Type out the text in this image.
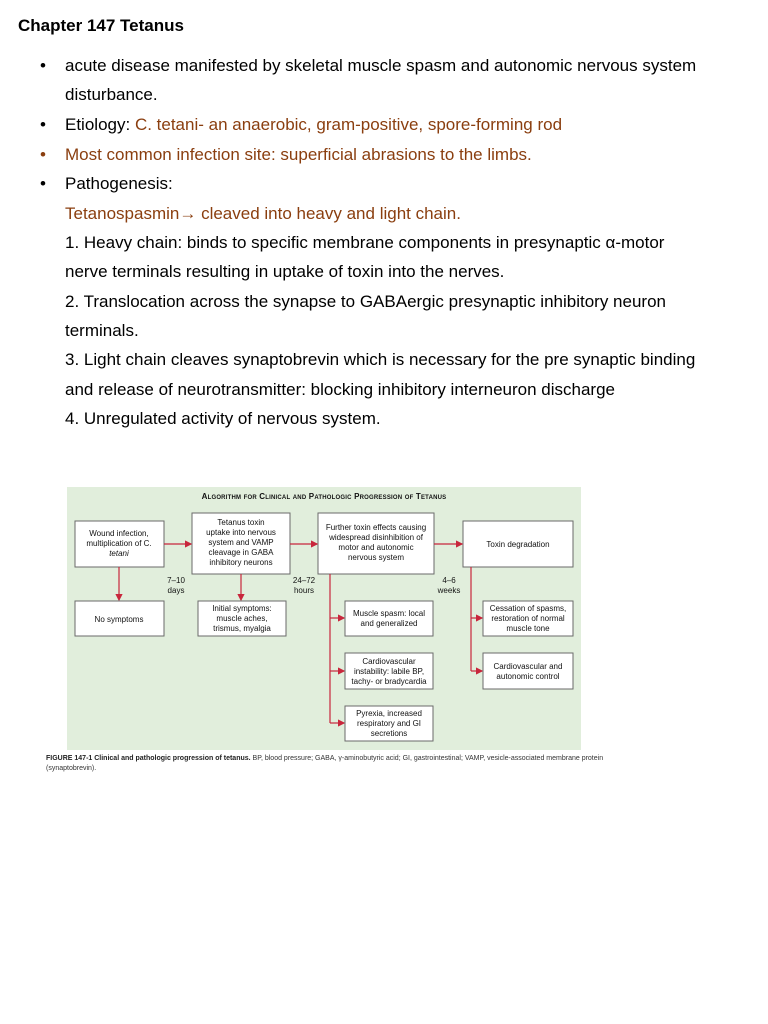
Chapter 147 Tetanus
• acute disease manifested by skeletal muscle spasm and autonomic nervous system
disturbance.
• Etiology: C. tetani- an anaerobic, gram-positive, spore-forming rod
• Most common infection site: superficial abrasions to the limbs.
• Pathogenesis:
Tetanospasmin→ cleaved into heavy and light chain.
1. Heavy chain: binds to specific membrane components in presynaptic α-motor
nerve terminals resulting in uptake of toxin into the nerves.
2. Translocation across the synapse to GABAergic presynaptic inhibitory neuron
terminals.
3. Light chain cleaves synaptobrevin which is necessary for the pre synaptic binding
and release of neurotransmitter: blocking inhibitory interneuron discharge
4. Unregulated activity of nervous system.
Algorithm for Clinical and Pathologic Progression of Tetanus
Wound infection,
multiplication of C.
tetani
Tetanus toxin
uptake into nervous
system and VAMP
cleavage in GABA
inhibitory neurons
Further toxin effects causing
widespread disinhibition of
motor and autonomic
nervous system
Toxin degradation
7–10
days
24–72
hours
4–6
weeks
No symptoms
Initial symptoms:
muscle aches,
trismus, myalgia
Muscle spasm: local
and generalized
Cardiovascular
instability: labile BP,
tachy- or bradycardia
Pyrexia, increased
respiratory and GI
secretions
Cessation of spasms,
restoration of normal
muscle tone
Cardiovascular and
autonomic control
FIGURE 147-1 Clinical and pathologic progression of tetanus. BP, blood pressure; GABA, γ-aminobutyric acid; GI, gastrointestinal; VAMP, vesicle-associated membrane protein (synaptobrevin).
